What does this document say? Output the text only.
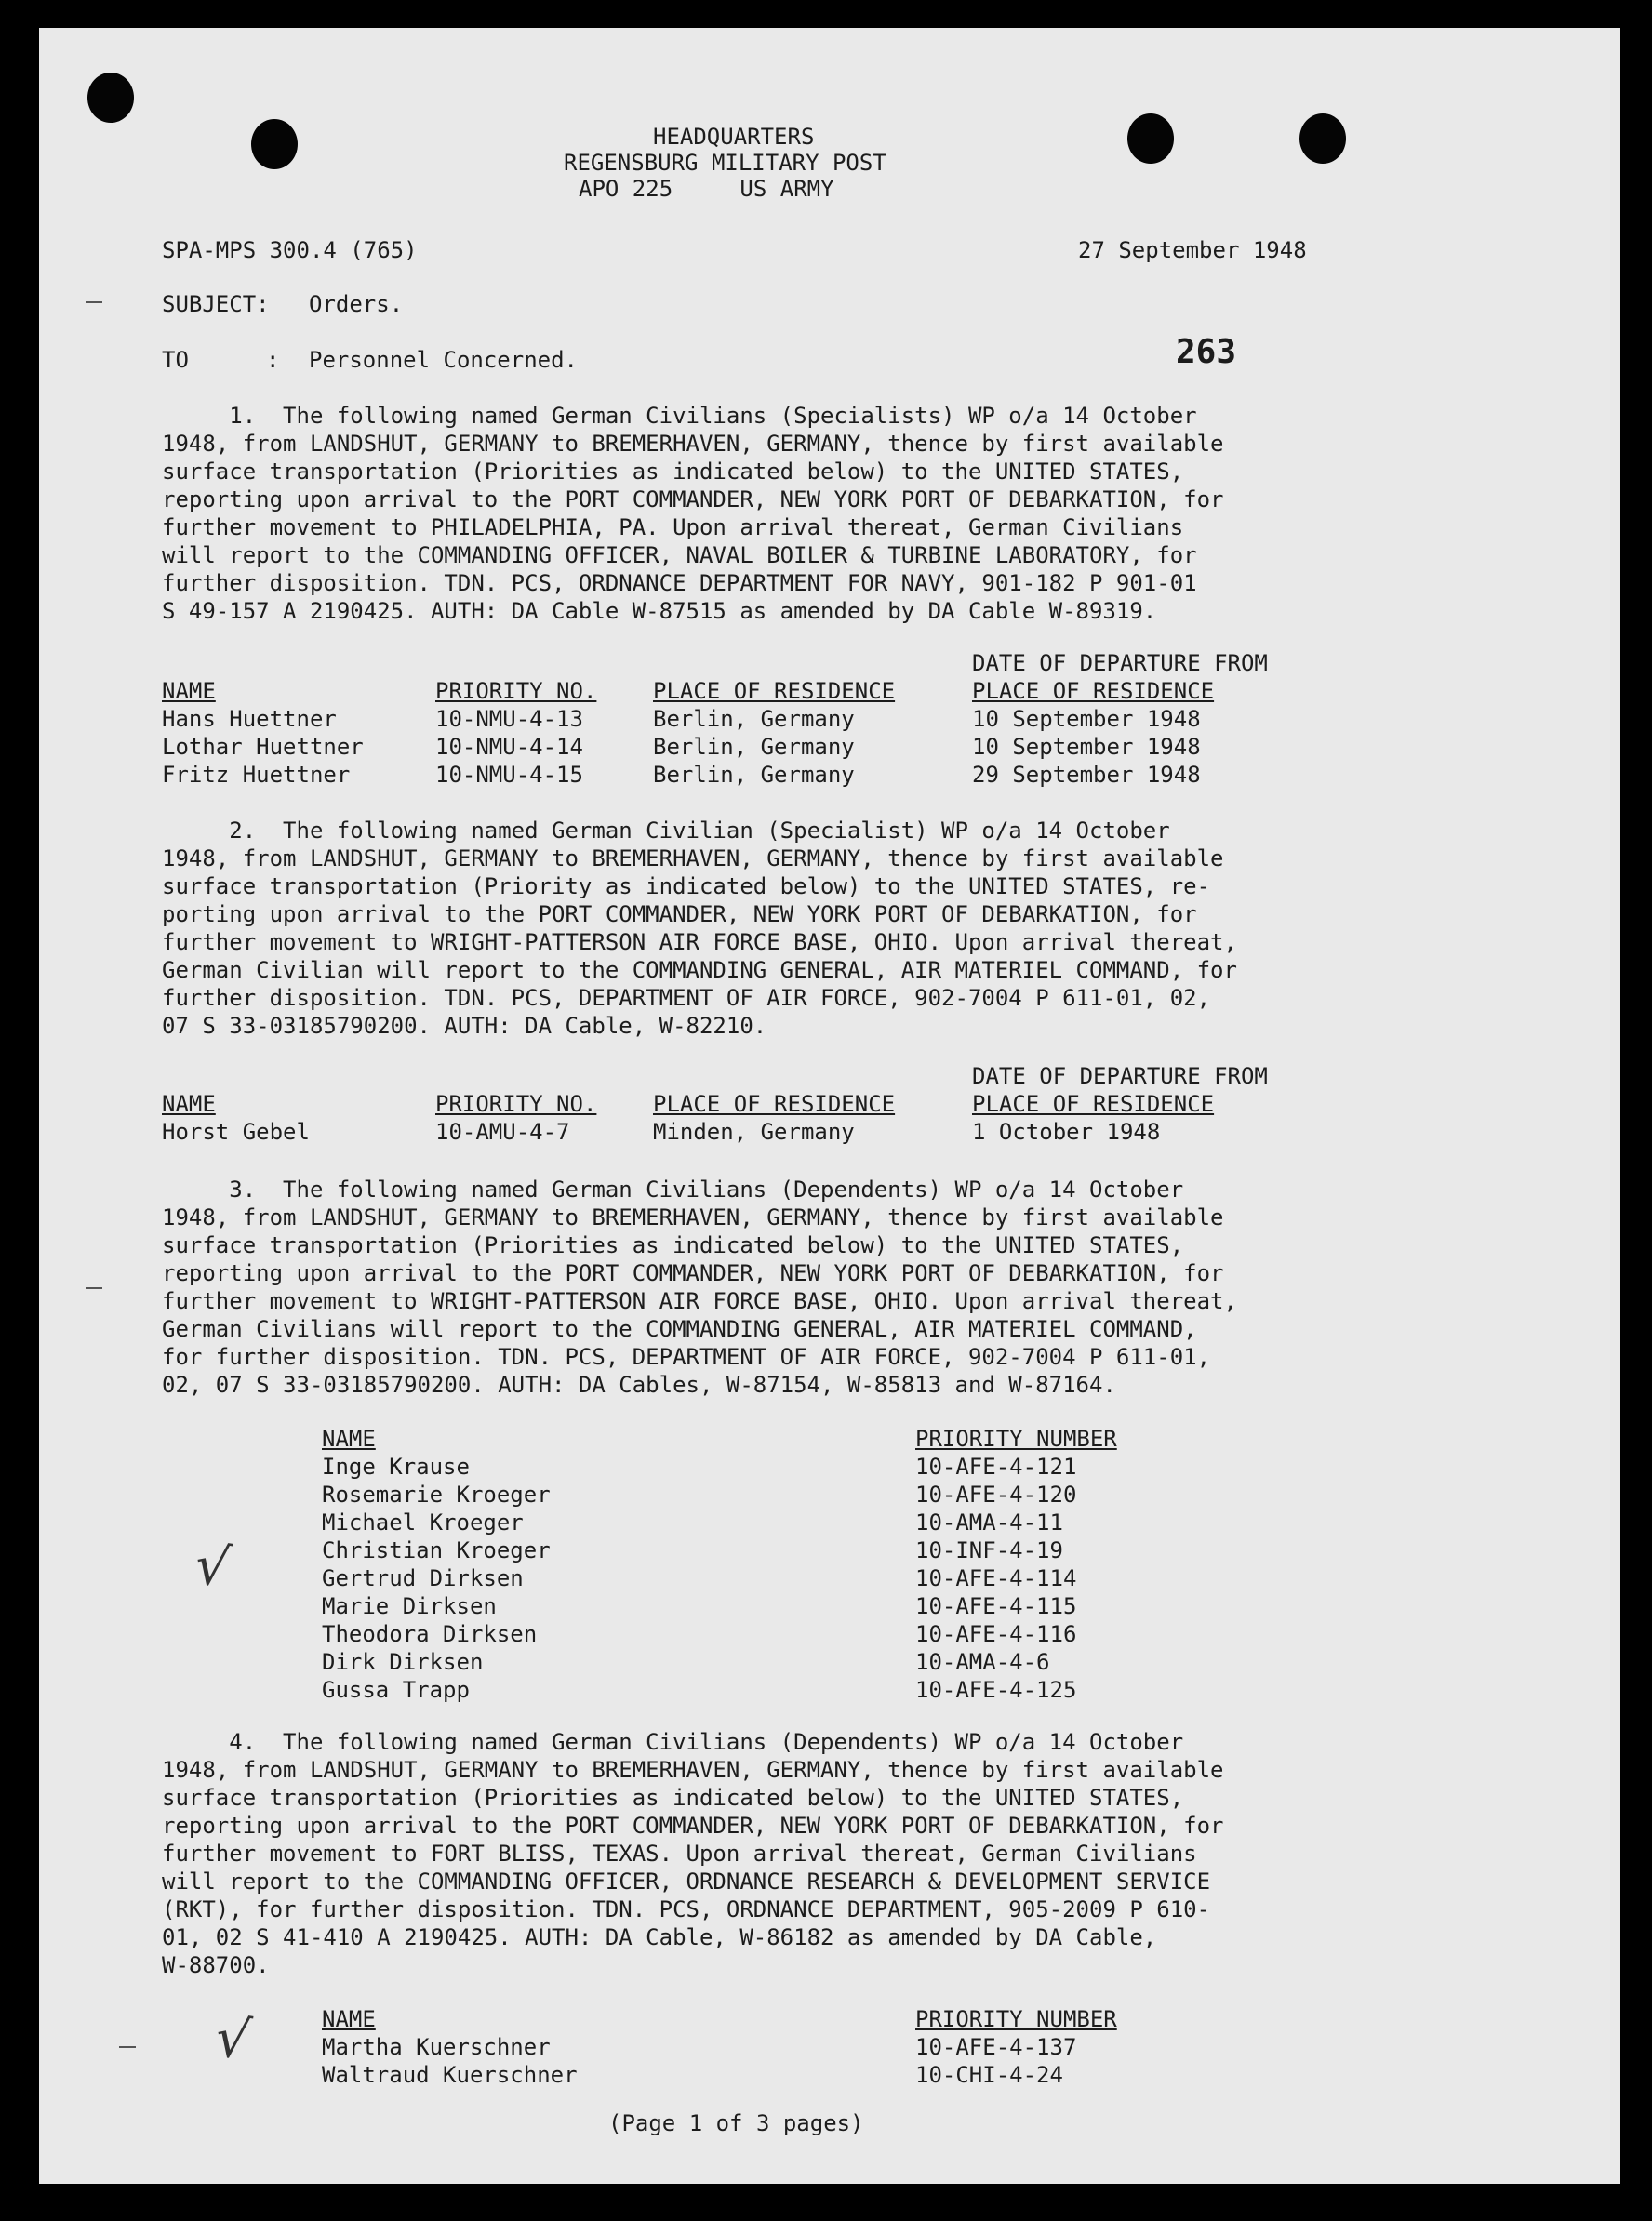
HEADQUARTERS
REGENSBURG MILITARY POST
APO 225     US ARMY
SPA-MPS 300.4 (765)	27 September 1948
SUBJECT: Orders.
TO	: Personnel Concerned.	263
1.  The following named German Civilians (Specialists) WP o/a 14 October
1948, from LANDSHUT, GERMANY to BREMERHAVEN, GERMANY, thence by first available
surface transportation (Priorities as indicated below) to the UNITED STATES,
reporting upon arrival to the PORT COMMANDER, NEW YORK PORT OF DEBARKATION, for
further movement to PHILADELPHIA, PA. Upon arrival thereat, German Civilians
will report to the COMMANDING OFFICER, NAVAL BOILER & TURBINE LABORATORY, for
further disposition. TDN. PCS, ORDNANCE DEPARTMENT FOR NAVY, 901-182 P 901-01
S 49-157 A 2190425. AUTH: DA Cable W-87515 as amended by DA Cable W-89319.
DATE OF DEPARTURE FROM
NAME	PRIORITY NO.	PLACE OF RESIDENCE	PLACE OF RESIDENCE
Hans Huettner	10-NMU-4-13	Berlin, Germany	10 September 1948
Lothar Huettner	10-NMU-4-14	Berlin, Germany	10 September 1948
Fritz Huettner	10-NMU-4-15	Berlin, Germany	29 September 1948
2.  The following named German Civilian (Specialist) WP o/a 14 October
1948, from LANDSHUT, GERMANY to BREMERHAVEN, GERMANY, thence by first available
surface transportation (Priority as indicated below) to the UNITED STATES, re-
porting upon arrival to the PORT COMMANDER, NEW YORK PORT OF DEBARKATION, for
further movement to WRIGHT-PATTERSON AIR FORCE BASE, OHIO. Upon arrival thereat,
German Civilian will report to the COMMANDING GENERAL, AIR MATERIEL COMMAND, for
further disposition. TDN. PCS, DEPARTMENT OF AIR FORCE, 902-7004 P 611-01, 02,
07 S 33-03185790200. AUTH: DA Cable, W-82210.
DATE OF DEPARTURE FROM
NAME	PRIORITY NO.	PLACE OF RESIDENCE	PLACE OF RESIDENCE
Horst Gebel	10-AMU-4-7	Minden, Germany	1 October 1948
3.  The following named German Civilians (Dependents) WP o/a 14 October
1948, from LANDSHUT, GERMANY to BREMERHAVEN, GERMANY, thence by first available
surface transportation (Priorities as indicated below) to the UNITED STATES,
reporting upon arrival to the PORT COMMANDER, NEW YORK PORT OF DEBARKATION, for
further movement to WRIGHT-PATTERSON AIR FORCE BASE, OHIO. Upon arrival thereat,
German Civilians will report to the COMMANDING GENERAL, AIR MATERIEL COMMAND,
for further disposition. TDN. PCS, DEPARTMENT OF AIR FORCE, 902-7004 P 611-01,
02, 07 S 33-03185790200. AUTH: DA Cables, W-87154, W-85813 and W-87164.
NAME	PRIORITY NUMBER
Inge Krause	10-AFE-4-121
Rosemarie Kroeger	10-AFE-4-120
Michael Kroeger	10-AMA-4-11
Christian Kroeger	10-INF-4-19
Gertrud Dirksen	10-AFE-4-114
Marie Dirksen	10-AFE-4-115
Theodora Dirksen	10-AFE-4-116
Dirk Dirksen	10-AMA-4-6
Gussa Trapp	10-AFE-4-125
4.  The following named German Civilians (Dependents) WP o/a 14 October
1948, from LANDSHUT, GERMANY to BREMERHAVEN, GERMANY, thence by first available
surface transportation (Priorities as indicated below) to the UNITED STATES,
reporting upon arrival to the PORT COMMANDER, NEW YORK PORT OF DEBARKATION, for
further movement to FORT BLISS, TEXAS. Upon arrival thereat, German Civilians
will report to the COMMANDING OFFICER, ORDNANCE RESEARCH & DEVELOPMENT SERVICE
(RKT), for further disposition. TDN. PCS, ORDNANCE DEPARTMENT, 905-2009 P 610-
01, 02 S 41-410 A 2190425. AUTH: DA Cable, W-86182 as amended by DA Cable,
W-88700.
NAME	PRIORITY NUMBER
Martha Kuerschner	10-AFE-4-137
Waltraud Kuerschner	10-CHI-4-24
(Page 1 of 3 pages)
√
√
